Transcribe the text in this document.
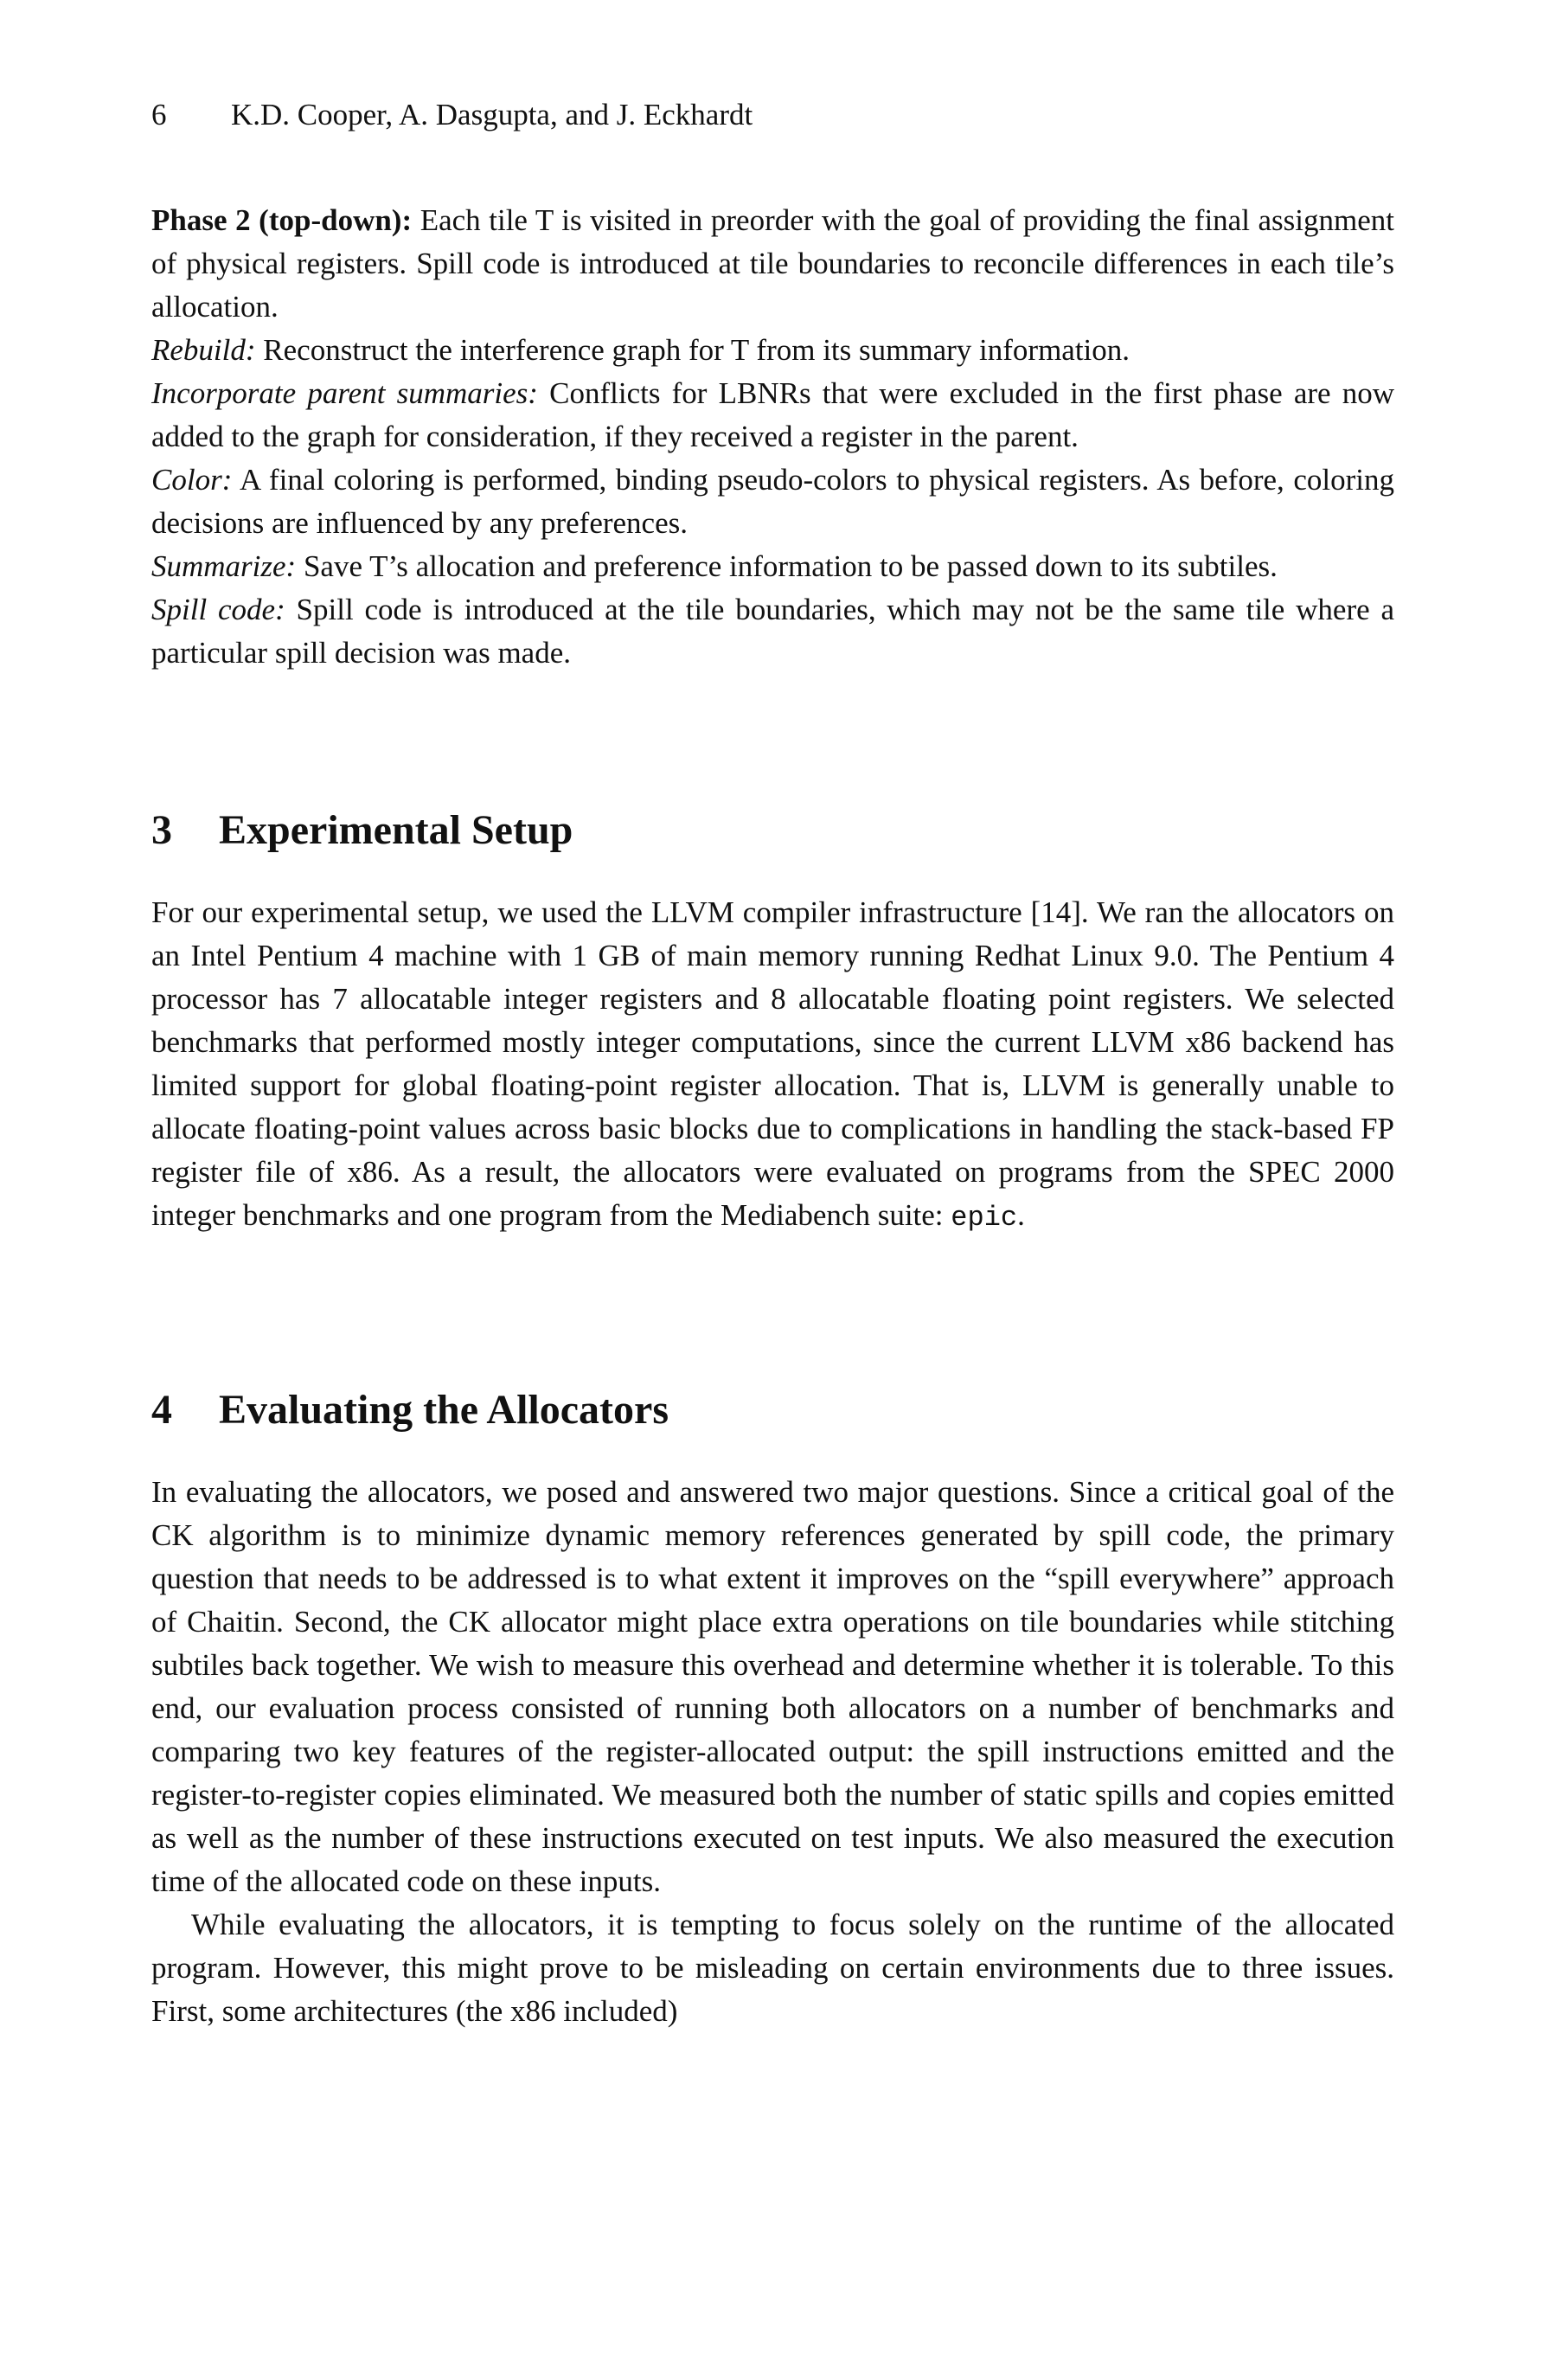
6 K.D. Cooper, A. Dasgupta, and J. Eckhardt

Phase 2 (top-down): Each tile T is visited in preorder with the goal of providing the final assignment of physical registers. Spill code is introduced at tile boundaries to reconcile differences in each tile’s allocation.

Rebuild: Reconstruct the interference graph for T from its summary information.

Incorporate parent summaries: Conflicts for LBNRs that were excluded in the first phase are now added to the graph for consideration, if they received a register in the parent.

Color: A final coloring is performed, binding pseudo-colors to physical registers. As before, coloring decisions are influenced by any preferences.

Summarize: Save T’s allocation and preference information to be passed down to its subtiles.

Spill code: Spill code is introduced at the tile boundaries, which may not be the same tile where a particular spill decision was made.

3 Experimental Setup

For our experimental setup, we used the LLVM compiler infrastructure [14]. We ran the allocators on an Intel Pentium 4 machine with 1 GB of main memory running Redhat Linux 9.0. The Pentium 4 processor has 7 allocatable integer registers and 8 allocatable floating point registers. We selected benchmarks that performed mostly integer computations, since the current LLVM x86 backend has limited support for global floating-point register allocation. That is, LLVM is generally unable to allocate floating-point values across basic blocks due to complications in handling the stack-based FP register file of x86. As a result, the allocators were evaluated on programs from the SPEC 2000 integer benchmarks and one program from the Mediabench suite: epic.

4 Evaluating the Allocators

In evaluating the allocators, we posed and answered two major questions. Since a critical goal of the CK algorithm is to minimize dynamic memory references generated by spill code, the primary question that needs to be addressed is to what extent it improves on the “spill everywhere” approach of Chaitin. Second, the CK allocator might place extra operations on tile boundaries while stitching subtiles back together. We wish to measure this overhead and determine whether it is tolerable. To this end, our evaluation process consisted of running both allocators on a number of benchmarks and comparing two key features of the register-allocated output: the spill instructions emitted and the register-to-register copies eliminated. We measured both the number of static spills and copies emitted as well as the number of these instructions executed on test inputs. We also measured the execution time of the allocated code on these inputs.

While evaluating the allocators, it is tempting to focus solely on the runtime of the allocated program. However, this might prove to be misleading on certain environments due to three issues. First, some architectures (the x86 included)
